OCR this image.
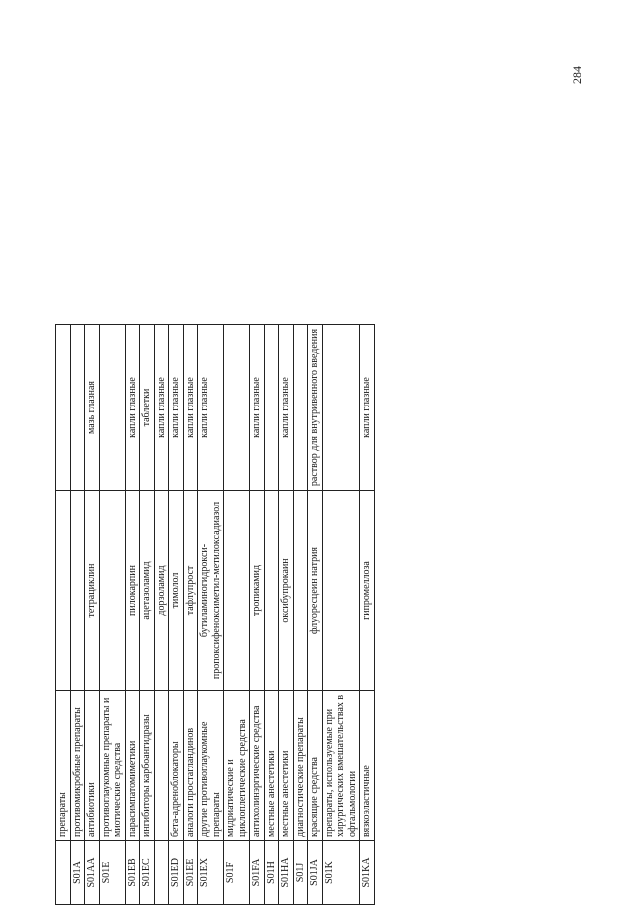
284
	препараты		
S01A	противомикробные препараты		
S01AA	антибиотики	тетрациклин	мазь глазная
S01E	противоглаукомные препараты и миотические средства		
S01EB	парасимпатомиметики	пилокарпин	капли глазные
S01EC	ингибиторы карбоангидразы	ацетазоламид	таблетки
		дорзоламид	капли глазные
S01ED	бета-адреноблокаторы	тимолол	капли глазные
S01EE	аналоги простагландинов	тафлупрост	капли глазные
S01EX	другие противоглаукомные препараты	бутиламиногидрокси-пропоксифеноксиметил-метилоксадиазол	капли глазные
S01F	мидриатические и циклоплегические средства		
S01FA	антихолинэргические средства	тропикамид	капли глазные
S01H	местные анестетики		
S01HA	местные анестетики	оксибупрокаин	капли глазные
S01J	диагностические препараты		
S01JA	красящие средства	флуоресцеин натрия	раствор для внутривенного введения
S01K	препараты, используемые при хирургических вмешательствах в офтальмологии		
S01KA	вязкоэластичные	гипромеллоза	капли глазные
